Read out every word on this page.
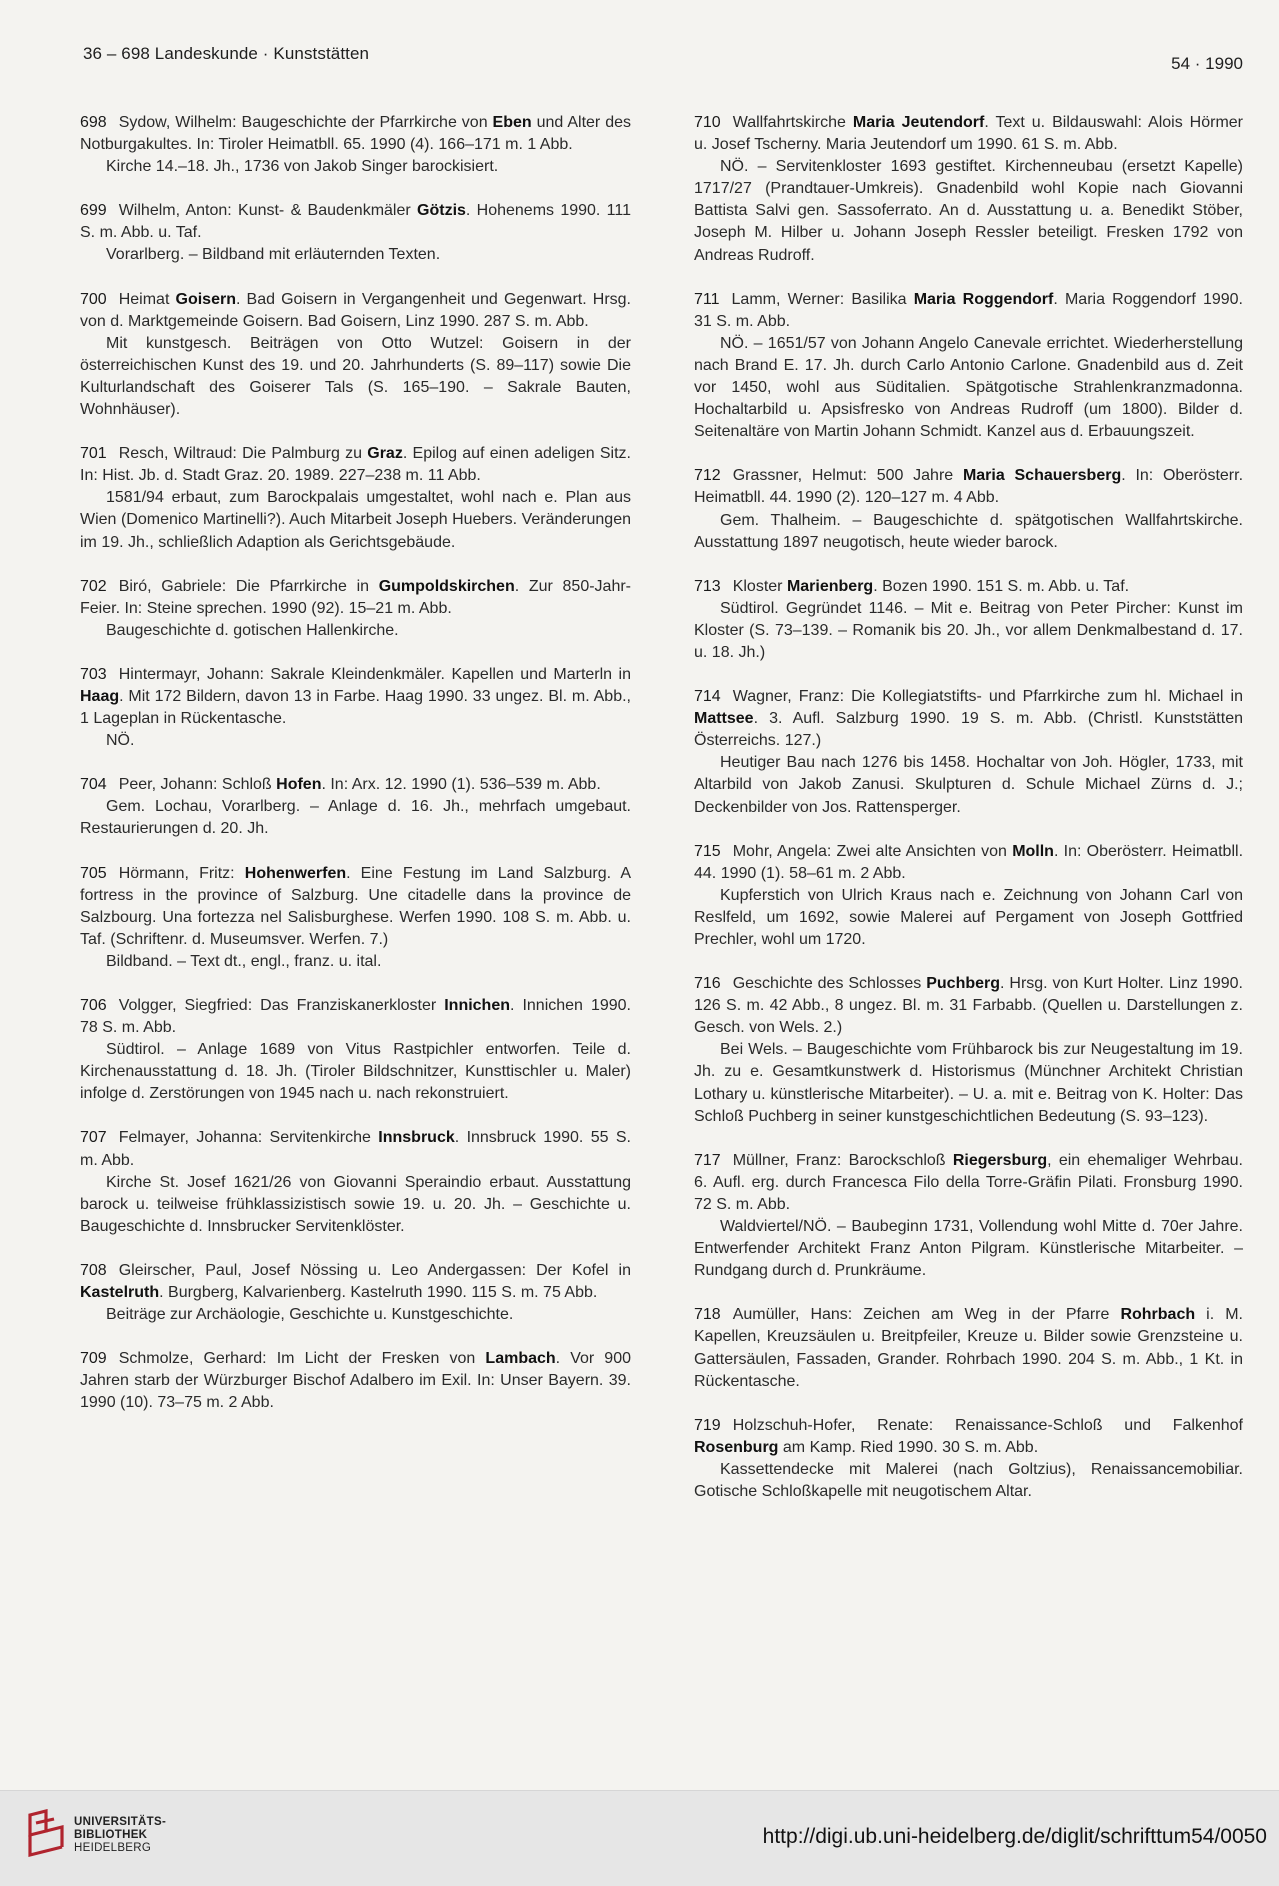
36 – 698 Landeskunde · Kunststätten
54 · 1990

698 Sydow, Wilhelm: Baugeschichte der Pfarrkirche von Eben und Alter des Notburgakultes. In: Tiroler Heimatbll. 65. 1990 (4). 166–171 m. 1 Abb.

Kirche 14.–18. Jh., 1736 von Jakob Singer barockisiert.

699 Wilhelm, Anton: Kunst- & Baudenkmäler Götzis. Hohenems 1990. 111 S. m. Abb. u. Taf.

Vorarlberg. – Bildband mit erläuternden Texten.

700 Heimat Goisern. Bad Goisern in Vergangenheit und Gegenwart. Hrsg. von d. Marktgemeinde Goisern. Bad Goisern, Linz 1990. 287 S. m. Abb.

Mit kunstgesch. Beiträgen von Otto Wutzel: Goisern in der österreichischen Kunst des 19. und 20. Jahrhunderts (S. 89–117) sowie Die Kulturlandschaft des Goiserer Tals (S. 165–190. – Sakrale Bauten, Wohnhäuser).

701 Resch, Wiltraud: Die Palmburg zu Graz. Epilog auf einen adeligen Sitz. In: Hist. Jb. d. Stadt Graz. 20. 1989. 227–238 m. 11 Abb.

1581/94 erbaut, zum Barockpalais umgestaltet, wohl nach e. Plan aus Wien (Domenico Martinelli?). Auch Mitarbeit Joseph Huebers. Veränderungen im 19. Jh., schließlich Adaption als Gerichtsgebäude.

702 Biró, Gabriele: Die Pfarrkirche in Gumpoldskirchen. Zur 850-Jahr-Feier. In: Steine sprechen. 1990 (92). 15–21 m. Abb.

Baugeschichte d. gotischen Hallenkirche.

703 Hintermayr, Johann: Sakrale Kleindenkmäler. Kapellen und Marterln in Haag. Mit 172 Bildern, davon 13 in Farbe. Haag 1990. 33 ungez. Bl. m. Abb., 1 Lageplan in Rückentasche.

NÖ.

704 Peer, Johann: Schloß Hofen. In: Arx. 12. 1990 (1). 536–539 m. Abb.

Gem. Lochau, Vorarlberg. – Anlage d. 16. Jh., mehrfach umgebaut. Restaurierungen d. 20. Jh.

705 Hörmann, Fritz: Hohenwerfen. Eine Festung im Land Salzburg. A fortress in the province of Salzburg. Une citadelle dans la province de Salzbourg. Una fortezza nel Salisburghese. Werfen 1990. 108 S. m. Abb. u. Taf. (Schriftenr. d. Museumsver. Werfen. 7.)

Bildband. – Text dt., engl., franz. u. ital.

706 Volgger, Siegfried: Das Franziskanerkloster Innichen. Innichen 1990. 78 S. m. Abb.

Südtirol. – Anlage 1689 von Vitus Rastpichler entworfen. Teile d. Kirchenausstattung d. 18. Jh. (Tiroler Bildschnitzer, Kunsttischler u. Maler) infolge d. Zerstörungen von 1945 nach u. nach rekonstruiert.

707 Felmayer, Johanna: Servitenkirche Innsbruck. Innsbruck 1990. 55 S. m. Abb.

Kirche St. Josef 1621/26 von Giovanni Speraindio erbaut. Ausstattung barock u. teilweise frühklassizistisch sowie 19. u. 20. Jh. – Geschichte u. Baugeschichte d. Innsbrucker Servitenklöster.

708 Gleirscher, Paul, Josef Nössing u. Leo Andergassen: Der Kofel in Kastelruth. Burgberg, Kalvarienberg. Kastelruth 1990. 115 S. m. 75 Abb.

Beiträge zur Archäologie, Geschichte u. Kunstgeschichte.

709 Schmolze, Gerhard: Im Licht der Fresken von Lambach. Vor 900 Jahren starb der Würzburger Bischof Adalbero im Exil. In: Unser Bayern. 39. 1990 (10). 73–75 m. 2 Abb.

710 Wallfahrtskirche Maria Jeutendorf. Text u. Bildauswahl: Alois Hörmer u. Josef Tscherny. Maria Jeutendorf um 1990. 61 S. m. Abb.

NÖ. – Servitenkloster 1693 gestiftet. Kirchenneubau (ersetzt Kapelle) 1717/27 (Prandtauer-Umkreis). Gnadenbild wohl Kopie nach Giovanni Battista Salvi gen. Sassoferrato. An d. Ausstattung u. a. Benedikt Stöber, Joseph M. Hilber u. Johann Joseph Ressler beteiligt. Fresken 1792 von Andreas Rudroff.

711 Lamm, Werner: Basilika Maria Roggendorf. Maria Roggendorf 1990. 31 S. m. Abb.

NÖ. – 1651/57 von Johann Angelo Canevale errichtet. Wiederherstellung nach Brand E. 17. Jh. durch Carlo Antonio Carlone. Gnadenbild aus d. Zeit vor 1450, wohl aus Süditalien. Spätgotische Strahlenkranzmadonna. Hochaltarbild u. Apsisfresko von Andreas Rudroff (um 1800). Bilder d. Seitenaltäre von Martin Johann Schmidt. Kanzel aus d. Erbauungszeit.

712 Grassner, Helmut: 500 Jahre Maria Schauersberg. In: Oberösterr. Heimatbll. 44. 1990 (2). 120–127 m. 4 Abb.

Gem. Thalheim. – Baugeschichte d. spätgotischen Wallfahrtskirche. Ausstattung 1897 neugotisch, heute wieder barock.

713 Kloster Marienberg. Bozen 1990. 151 S. m. Abb. u. Taf.

Südtirol. Gegründet 1146. – Mit e. Beitrag von Peter Pircher: Kunst im Kloster (S. 73–139. – Romanik bis 20. Jh., vor allem Denkmalbestand d. 17. u. 18. Jh.)

714 Wagner, Franz: Die Kollegiatstifts- und Pfarrkirche zum hl. Michael in Mattsee. 3. Aufl. Salzburg 1990. 19 S. m. Abb. (Christl. Kunststätten Österreichs. 127.)

Heutiger Bau nach 1276 bis 1458. Hochaltar von Joh. Högler, 1733, mit Altarbild von Jakob Zanusi. Skulpturen d. Schule Michael Zürns d. J.; Deckenbilder von Jos. Rattensperger.

715 Mohr, Angela: Zwei alte Ansichten von Molln. In: Oberösterr. Heimatbll. 44. 1990 (1). 58–61 m. 2 Abb.

Kupferstich von Ulrich Kraus nach e. Zeichnung von Johann Carl von Reslfeld, um 1692, sowie Malerei auf Pergament von Joseph Gottfried Prechler, wohl um 1720.

716 Geschichte des Schlosses Puchberg. Hrsg. von Kurt Holter. Linz 1990. 126 S. m. 42 Abb., 8 ungez. Bl. m. 31 Farbabb. (Quellen u. Darstellungen z. Gesch. von Wels. 2.)

Bei Wels. – Baugeschichte vom Frühbarock bis zur Neugestaltung im 19. Jh. zu e. Gesamtkunstwerk d. Historismus (Münchner Architekt Christian Lothary u. künstlerische Mitarbeiter). – U. a. mit e. Beitrag von K. Holter: Das Schloß Puchberg in seiner kunstgeschichtlichen Bedeutung (S. 93–123).

717 Müllner, Franz: Barockschloß Riegersburg, ein ehemaliger Wehrbau. 6. Aufl. erg. durch Francesca Filo della Torre-Gräfin Pilati. Fronsburg 1990. 72 S. m. Abb.

Waldviertel/NÖ. – Baubeginn 1731, Vollendung wohl Mitte d. 70er Jahre. Entwerfender Architekt Franz Anton Pilgram. Künstlerische Mitarbeiter. – Rundgang durch d. Prunkräume.

718 Aumüller, Hans: Zeichen am Weg in der Pfarre Rohrbach i. M. Kapellen, Kreuzsäulen u. Breitpfeiler, Kreuze u. Bilder sowie Grenzsteine u. Gattersäulen, Fassaden, Grander. Rohrbach 1990. 204 S. m. Abb., 1 Kt. in Rückentasche.

719 Holzschuh-Hofer, Renate: Renaissance-Schloß und Falkenhof Rosenburg am Kamp. Ried 1990. 30 S. m. Abb.

Kassettendecke mit Malerei (nach Goltzius), Renaissancemobiliar. Gotische Schloßkapelle mit neugotischem Altar.

UNIVERSITÄTS-
BIBLIOTHEK
HEIDELBERG	http://digi.ub.uni-heidelberg.de/diglit/schrifttum54/0050
